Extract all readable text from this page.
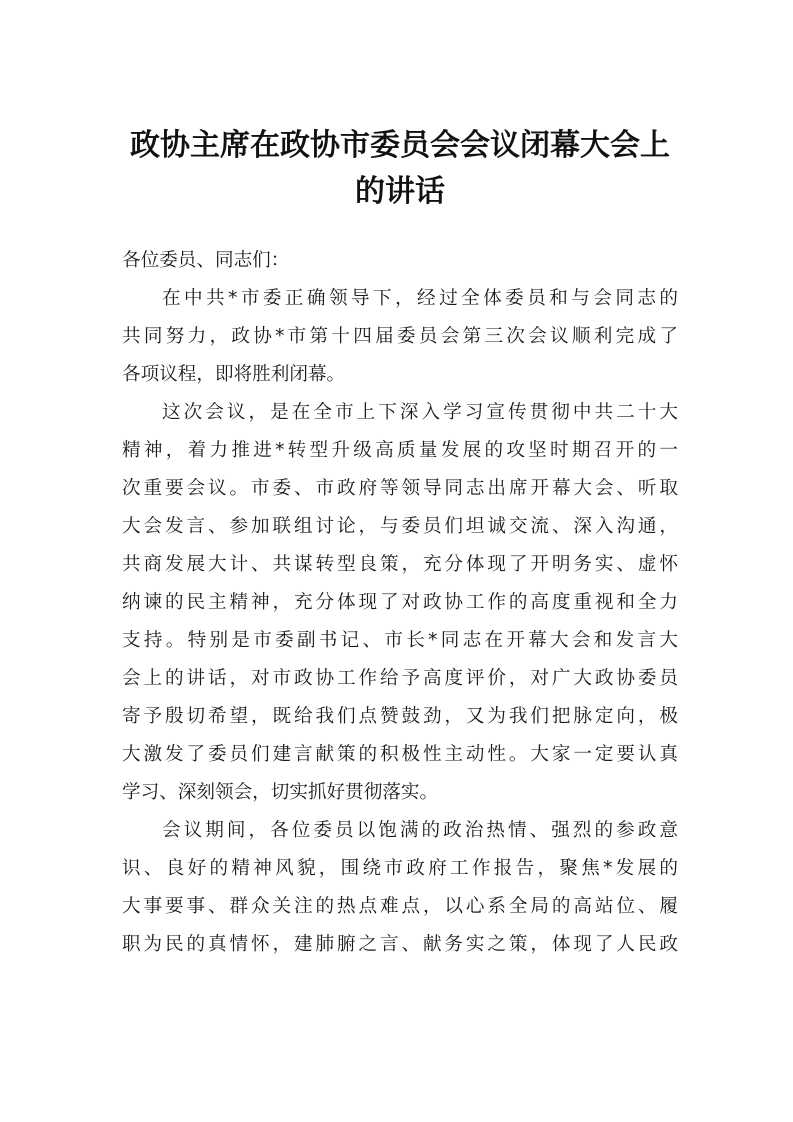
政协主席在政协市委员会会议闭幕大会上
的讲话

各位委员、同志们：

在中共*市委正确领导下，经过全体委员和与会同志的
共同努力，政协*市第十四届委员会第三次会议顺利完成了
各项议程，即将胜利闭幕。

这次会议，是在全市上下深入学习宣传贯彻中共二十大
精神，着力推进*转型升级高质量发展的攻坚时期召开的一
次重要会议。市委、市政府等领导同志出席开幕大会、听取
大会发言、参加联组讨论，与委员们坦诚交流、深入沟通，
共商发展大计、共谋转型良策，充分体现了开明务实、虚怀
纳谏的民主精神，充分体现了对政协工作的高度重视和全力
支持。特别是市委副书记、市长*同志在开幕大会和发言大
会上的讲话，对市政协工作给予高度评价，对广大政协委员
寄予殷切希望，既给我们点赞鼓劲，又为我们把脉定向，极
大激发了委员们建言献策的积极性主动性。大家一定要认真
学习、深刻领会，切实抓好贯彻落实。

会议期间，各位委员以饱满的政治热情、强烈的参政意
识、良好的精神风貌，围绕市政府工作报告，聚焦*发展的
大事要事、群众关注的热点难点，以心系全局的高站位、履
职为民的真情怀，建肺腑之言、献务实之策，体现了人民政
